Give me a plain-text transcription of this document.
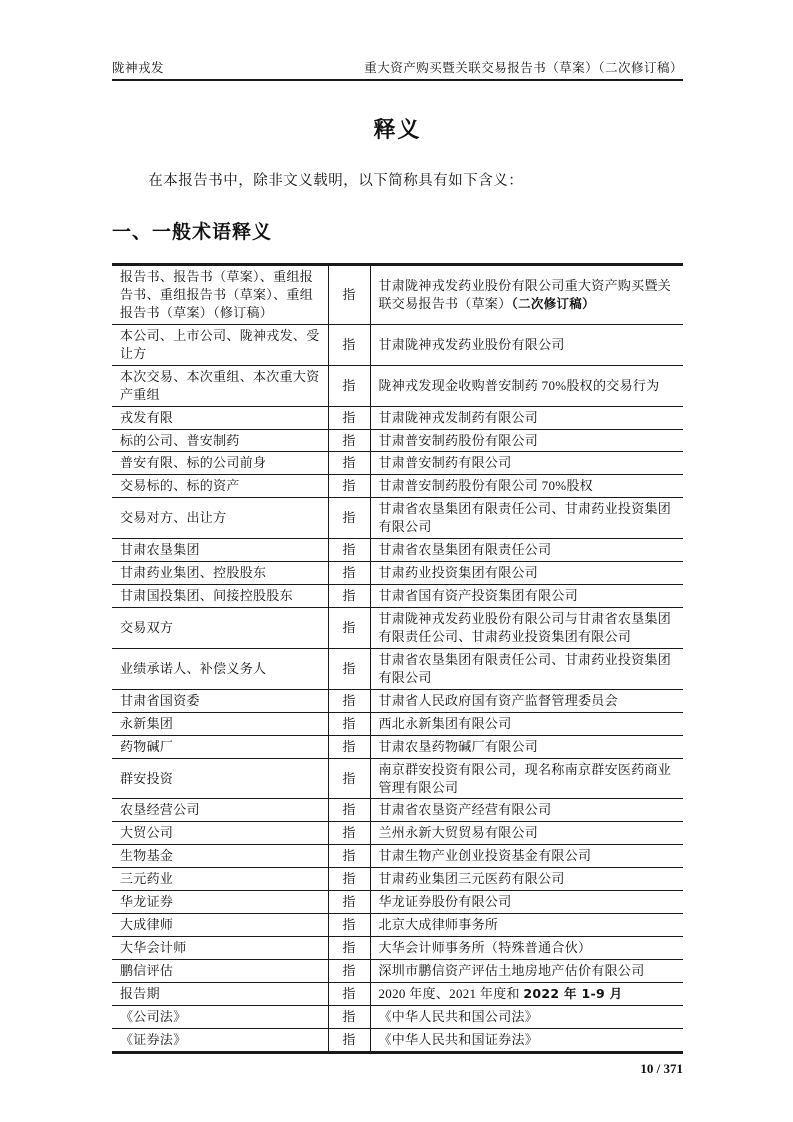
陇神戎发	重大资产购买暨关联交易报告书（草案）（二次修订稿）
释义

在本报告书中，除非文义载明，以下简称具有如下含义：

一、一般术语释义
报告书、报告书（草案）、重组报告书、重组报告书（草案）、重组报告书（草案）（修订稿）	指	甘肃陇神戎发药业股份有限公司重大资产购买暨关联交易报告书（草案）（二次修订稿）
本公司、上市公司、陇神戎发、受让方	指	甘肃陇神戎发药业股份有限公司
本次交易、本次重组、本次重大资产重组	指	陇神戎发现金收购普安制药 70%股权的交易行为
戎发有限	指	甘肃陇神戎发制药有限公司
标的公司、普安制药	指	甘肃普安制药股份有限公司
普安有限、标的公司前身	指	甘肃普安制药有限公司
交易标的、标的资产	指	甘肃普安制药股份有限公司 70%股权
交易对方、出让方	指	甘肃省农垦集团有限责任公司、甘肃药业投资集团有限公司
甘肃农垦集团	指	甘肃省农垦集团有限责任公司
甘肃药业集团、控股股东	指	甘肃药业投资集团有限公司
甘肃国投集团、间接控股股东	指	甘肃省国有资产投资集团有限公司
交易双方	指	甘肃陇神戎发药业股份有限公司与甘肃省农垦集团有限责任公司、甘肃药业投资集团有限公司
业绩承诺人、补偿义务人	指	甘肃省农垦集团有限责任公司、甘肃药业投资集团有限公司
甘肃省国资委	指	甘肃省人民政府国有资产监督管理委员会
永新集团	指	西北永新集团有限公司
药物碱厂	指	甘肃农垦药物碱厂有限公司
群安投资	指	南京群安投资有限公司，现名称南京群安医药商业管理有限公司
农垦经营公司	指	甘肃省农垦资产经营有限公司
大贸公司	指	兰州永新大贸贸易有限公司
生物基金	指	甘肃生物产业创业投资基金有限公司
三元药业	指	甘肃药业集团三元医药有限公司
华龙证券	指	华龙证券股份有限公司
大成律师	指	北京大成律师事务所
大华会计师	指	大华会计师事务所（特殊普通合伙）
鹏信评估	指	深圳市鹏信资产评估土地房地产估价有限公司
报告期	指	2020 年度、2021 年度和 2022 年 1-9 月
《公司法》	指	《中华人民共和国公司法》
《证券法》	指	《中华人民共和国证券法》
10 / 371
